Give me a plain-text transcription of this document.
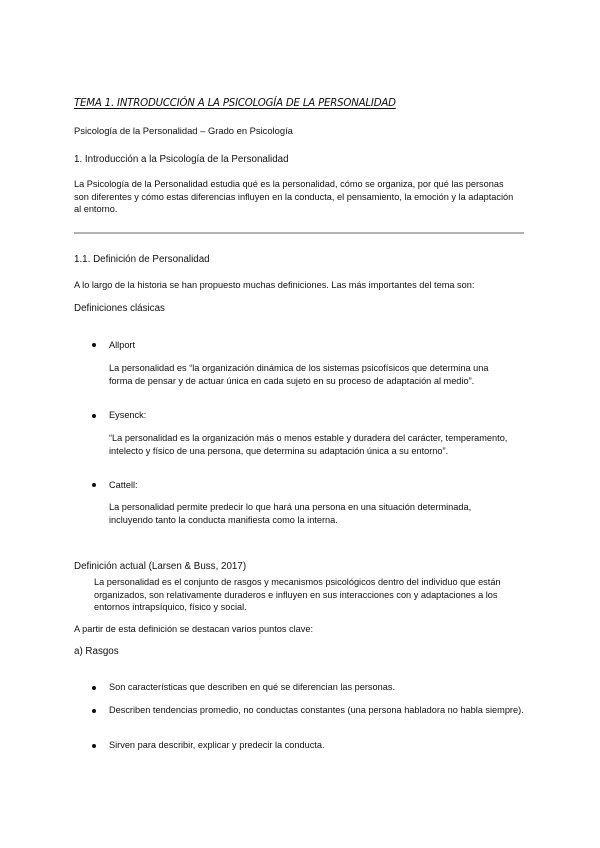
TEMA 1. INTRODUCCIÓN A LA PSICOLOGÍA DE LA PERSONALIDAD
Psicología de la Personalidad – Grado en Psicología
1. Introducción a la Psicología de la Personalidad
La Psicología de la Personalidad estudia qué es la personalidad, cómo se organiza, por qué las personas son diferentes y cómo estas diferencias influyen en la conducta, el pensamiento, la emoción y la adaptación al entorno.
1.1. Definición de Personalidad
A lo largo de la historia se han propuesto muchas definiciones. Las más importantes del tema son:
Definiciones clásicas
Allport
La personalidad es “la organización dinámica de los sistemas psicofísicos que determina una forma de pensar y de actuar única en cada sujeto en su proceso de adaptación al medio”.
Eysenck:
“La personalidad es la organización más o menos estable y duradera del carácter, temperamento, intelecto y físico de una persona, que determina su adaptación única a su entorno”.
Cattell:
La personalidad permite predecir lo que hará una persona en una situación determinada, incluyendo tanto la conducta manifiesta como la interna.
Definición actual (Larsen & Buss, 2017)
La personalidad es el conjunto de rasgos y mecanismos psicológicos dentro del individuo que están organizados, son relativamente duraderos e influyen en sus interacciones con y adaptaciones a los entornos intrapsíquico, físico y social.
A partir de esta definición se destacan varios puntos clave:
a) Rasgos
Son características que describen en qué se diferencian las personas.
Describen tendencias promedio, no conductas constantes (una persona habladora no habla siempre).
Sirven para describir, explicar y predecir la conducta.
